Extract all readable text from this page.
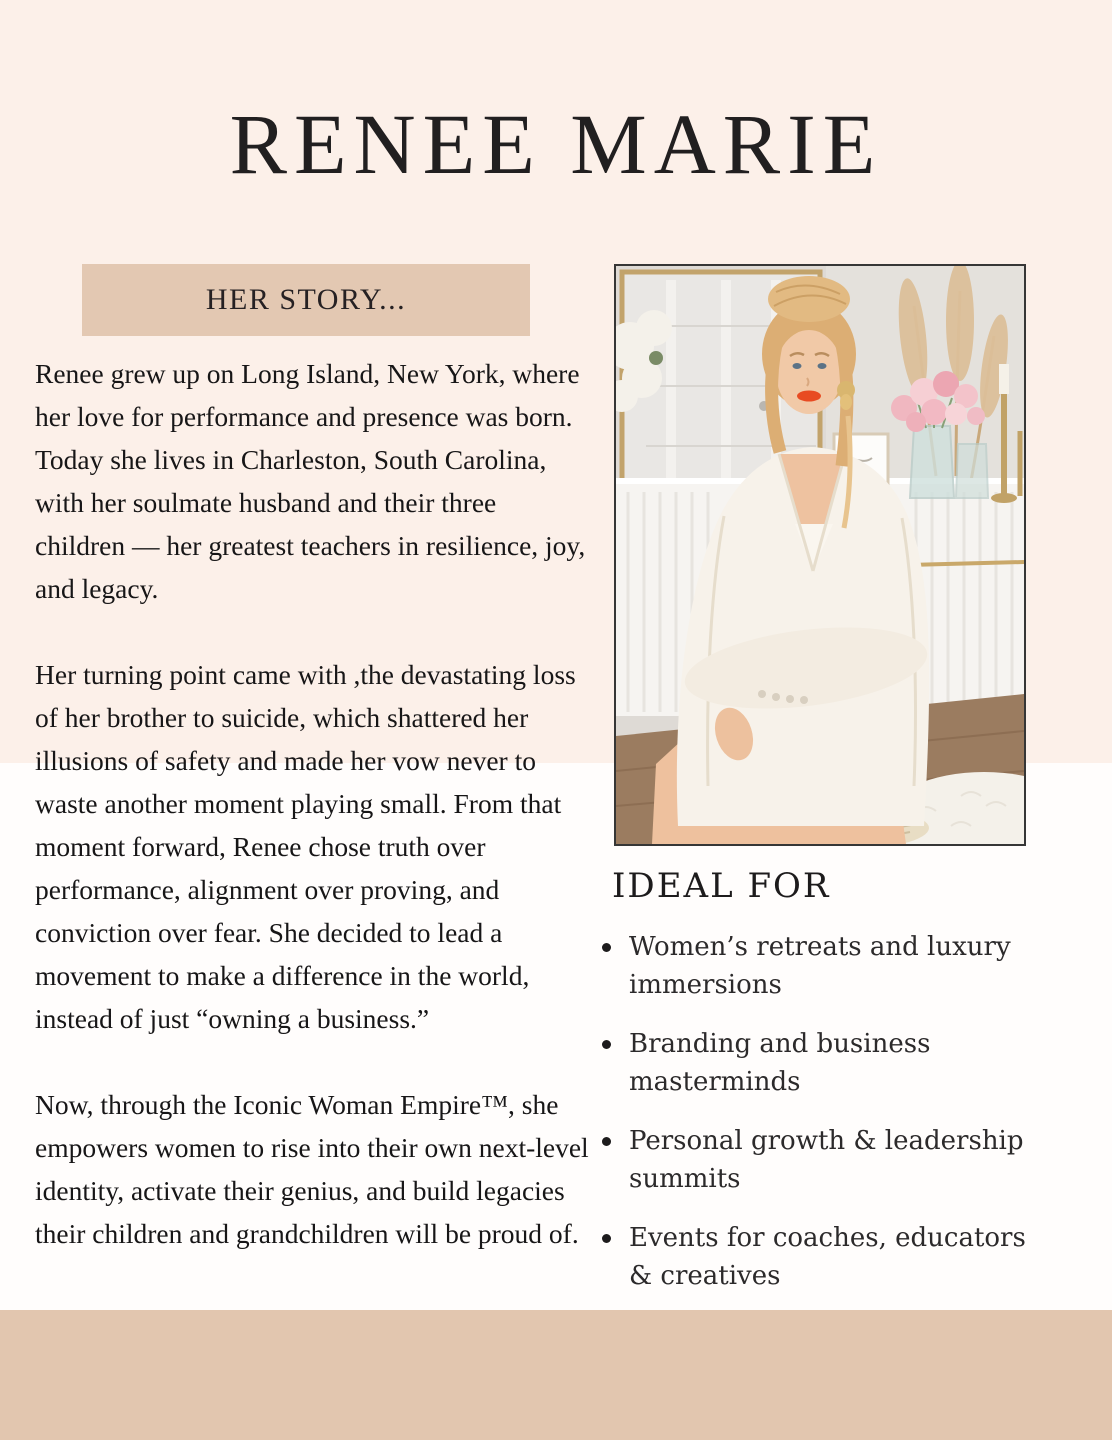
RENEE MARIE
HER STORY...

Renee grew up on Long Island, New York, where her love for performance and presence was born. Today she lives in Charleston, South Carolina, with her soulmate husband and their three children — her greatest teachers in resilience, joy, and legacy.

Her turning point came with ,the devastating loss of her brother to suicide, which shattered her illusions of safety and made her vow never to waste another moment playing small. From that moment forward, Renee chose truth over performance, alignment over proving, and conviction over fear. She decided to lead a movement to make a difference in the world, instead of just “owning a business.”

Now, through the Iconic Woman Empire™, she empowers women to rise into their own next-level identity, activate their genius, and build legacies their children and grandchildren will be proud of.

IDEAL FOR
Women’s retreats and luxury immersions
Branding and business masterminds
Personal growth & leadership summits
Events for coaches, educators & creatives
